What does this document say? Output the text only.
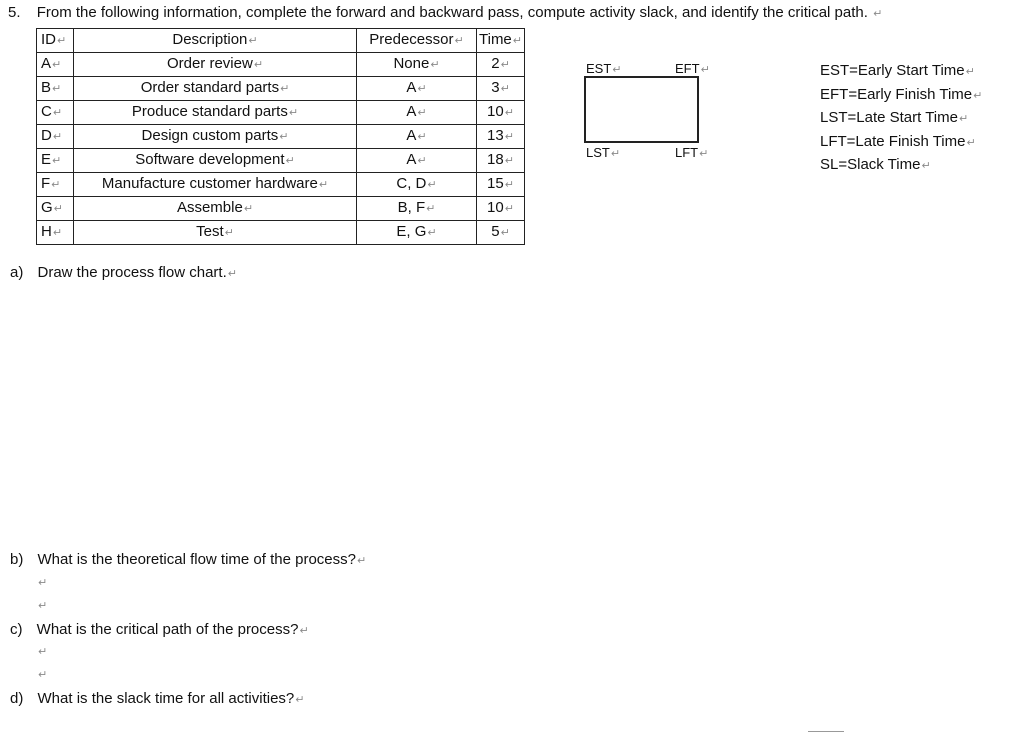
5. From the following information, complete the forward and backward pass, compute activity slack, and identify the critical path. ↵
ID↵	Description↵	Predecessor↵	Time↵
A↵	Order review↵	None↵	2↵
B↵	Order standard parts↵	A↵	3↵
C↵	Produce standard parts↵	A↵	10↵
D↵	Design custom parts↵	A↵	13↵
E↵	Software development↵	A↵	18↵
F↵	Manufacture customer hardware↵	C, D↵	15↵
G↵	Assemble↵	B, F↵	10↵
H↵	Test↵	E, G↵	5↵
EST↵	EFT↵
LST↵	LFT↵
EST=Early Start Time↵
EFT=Early Finish Time↵
LST=Late Start Time↵
LFT=Late Finish Time↵
SL=Slack Time↵
a) Draw the process flow chart.↵
b) What is the theoretical flow time of the process?↵
↵
↵
c) What is the critical path of the process?↵
↵
↵
d) What is the slack time for all activities?↵
